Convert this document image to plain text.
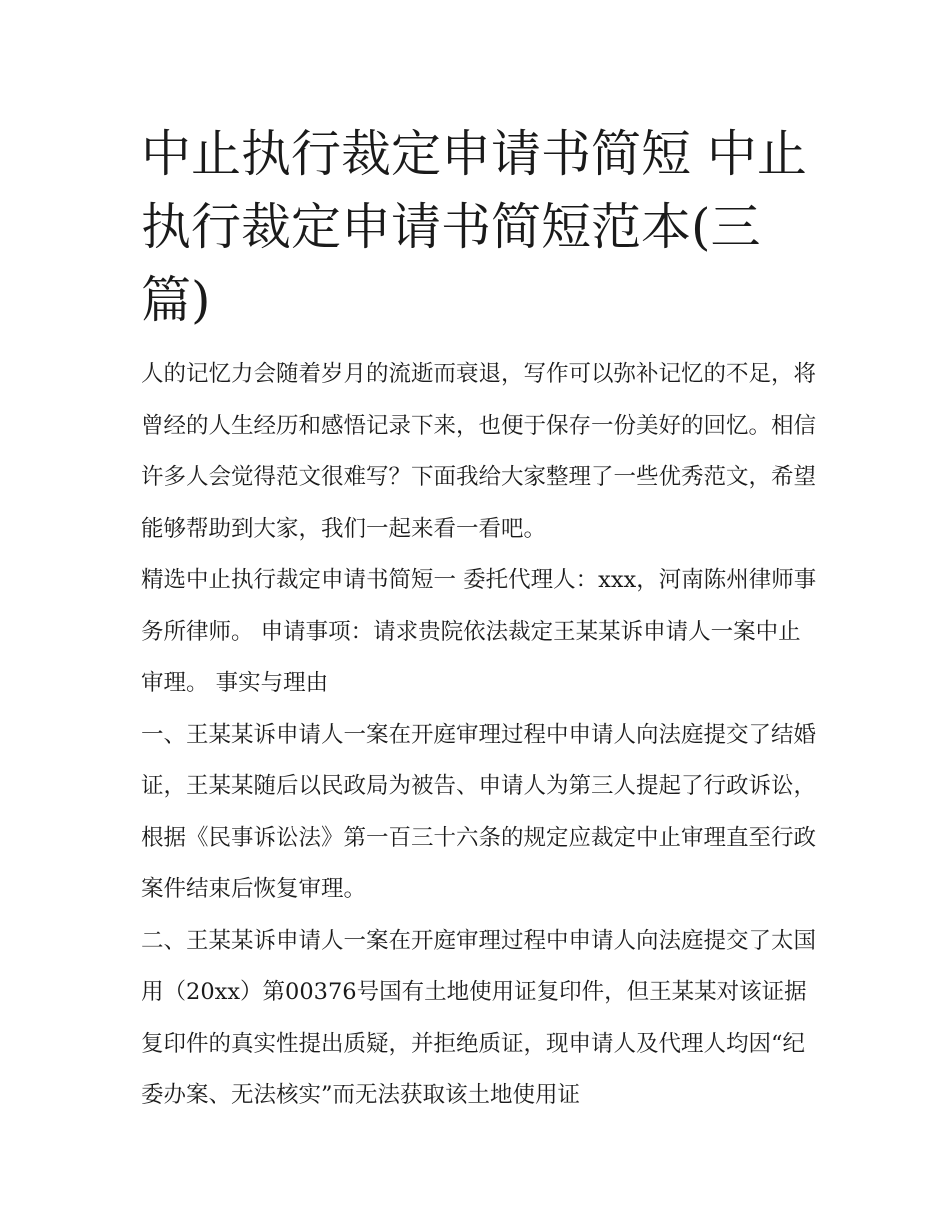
中止执行裁定申请书简短 中止执行裁定申请书简短范本(三篇)

人的记忆力会随着岁月的流逝而衰退，写作可以弥补记忆的不足，将曾经的人生经历和感悟记录下来，也便于保存一份美好的回忆。相信许多人会觉得范文很难写？下面我给大家整理了一些优秀范文，希望能够帮助到大家，我们一起来看一看吧。

精选中止执行裁定申请书简短一 委托代理人：xxx，河南陈州律师事务所律师。 申请事项：请求贵院依法裁定王某某诉申请人一案中止审理。 事实与理由

一、王某某诉申请人一案在开庭审理过程中申请人向法庭提交了结婚证，王某某随后以民政局为被告、申请人为第三人提起了行政诉讼，根据《民事诉讼法》第一百三十六条的规定应裁定中止审理直至行政案件结束后恢复审理。

二、王某某诉申请人一案在开庭审理过程中申请人向法庭提交了太国用（20xx）第00376号国有土地使用证复印件，但王某某对该证据复印件的真实性提出质疑，并拒绝质证，现申请人及代理人均因“纪委办案、无法核实”而无法获取该土地使用证
